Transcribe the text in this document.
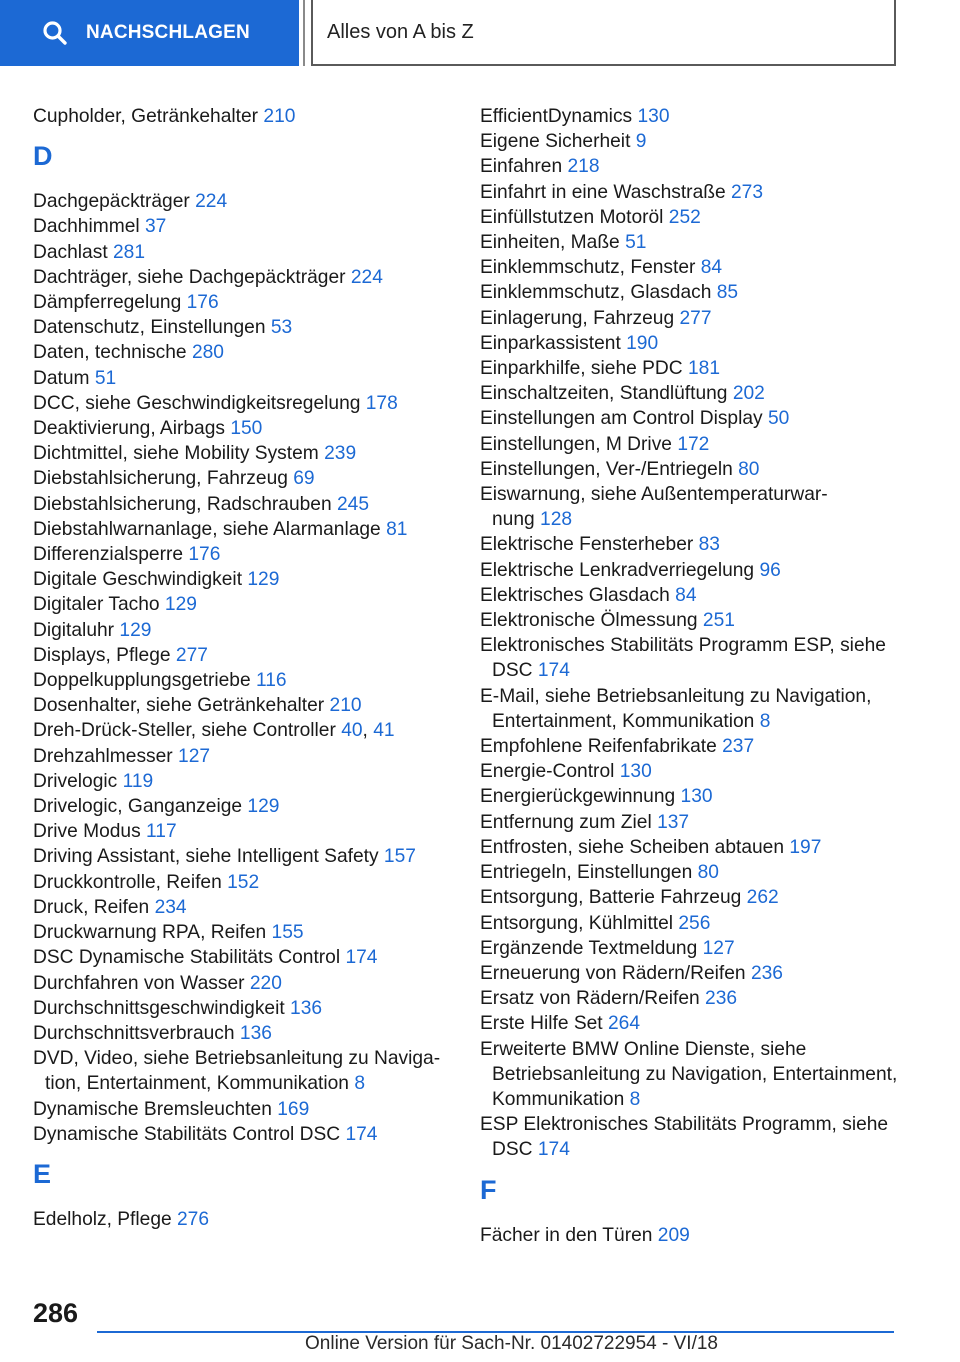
NACHSCHLAGEN	Alles von A bis Z
Cupholder, Getränkehalter 210
D
Dachgepäckträger 224
Dachhimmel 37
Dachlast 281
Dachträger, siehe Dachgepäckträger 224
Dämpferregelung 176
Datenschutz, Einstellungen 53
Daten, technische 280
Datum 51
DCC, siehe Geschwindigkeitsregelung 178
Deaktivierung, Airbags 150
Dichtmittel, siehe Mobility System 239
Diebstahlsicherung, Fahrzeug 69
Diebstahlsicherung, Radschrauben 245
Diebstahlwarnanlage, siehe Alarmanlage 81
Differenzialsperre 176
Digitale Geschwindigkeit 129
Digitaler Tacho 129
Digitaluhr 129
Displays, Pflege 277
Doppelkupplungsgetriebe 116
Dosenhalter, siehe Getränkehalter 210
Dreh-Drück-Steller, siehe Controller 40, 41
Drehzahlmesser 127
Drivelogic 119
Drivelogic, Ganganzeige 129
Drive Modus 117
Driving Assistant, siehe Intelligent Safety 157
Druckkontrolle, Reifen 152
Druck, Reifen 234
Druckwarnung RPA, Reifen 155
DSC Dynamische Stabilitäts Control 174
Durchfahren von Wasser 220
Durchschnittsgeschwindigkeit 136
Durchschnittsverbrauch 136
DVD, Video, siehe Betriebsanleitung zu Naviga-
tion, Entertainment, Kommunikation 8
Dynamische Bremsleuchten 169
Dynamische Stabilitäts Control DSC 174
E
Edelholz, Pflege 276
EfficientDynamics 130
Eigene Sicherheit 9
Einfahren 218
Einfahrt in eine Waschstraße 273
Einfüllstutzen Motoröl 252
Einheiten, Maße 51
Einklemmschutz, Fenster 84
Einklemmschutz, Glasdach 85
Einlagerung, Fahrzeug 277
Einparkassistent 190
Einparkhilfe, siehe PDC 181
Einschaltzeiten, Standlüftung 202
Einstellungen am Control Display 50
Einstellungen, M Drive 172
Einstellungen, Ver-/Entriegeln 80
Eiswarnung, siehe Außentemperaturwar-
nung 128
Elektrische Fensterheber 83
Elektrische Lenkradverriegelung 96
Elektrisches Glasdach 84
Elektronische Ölmessung 251
Elektronisches Stabilitäts Programm ESP, siehe
DSC 174
E-Mail, siehe Betriebsanleitung zu Navigation,
Entertainment, Kommunikation 8
Empfohlene Reifenfabrikate 237
Energie-Control 130
Energierückgewinnung 130
Entfernung zum Ziel 137
Entfrosten, siehe Scheiben abtauen 197
Entriegeln, Einstellungen 80
Entsorgung, Batterie Fahrzeug 262
Entsorgung, Kühlmittel 256
Ergänzende Textmeldung 127
Erneuerung von Rädern/Reifen 236
Ersatz von Rädern/Reifen 236
Erste Hilfe Set 264
Erweiterte BMW Online Dienste, siehe
Betriebsanleitung zu Navigation, Entertainment,
Kommunikation 8
ESP Elektronisches Stabilitäts Programm, siehe
DSC 174
F
Fächer in den Türen 209
286
Online Version für Sach-Nr. 01402722954 - VI/18
